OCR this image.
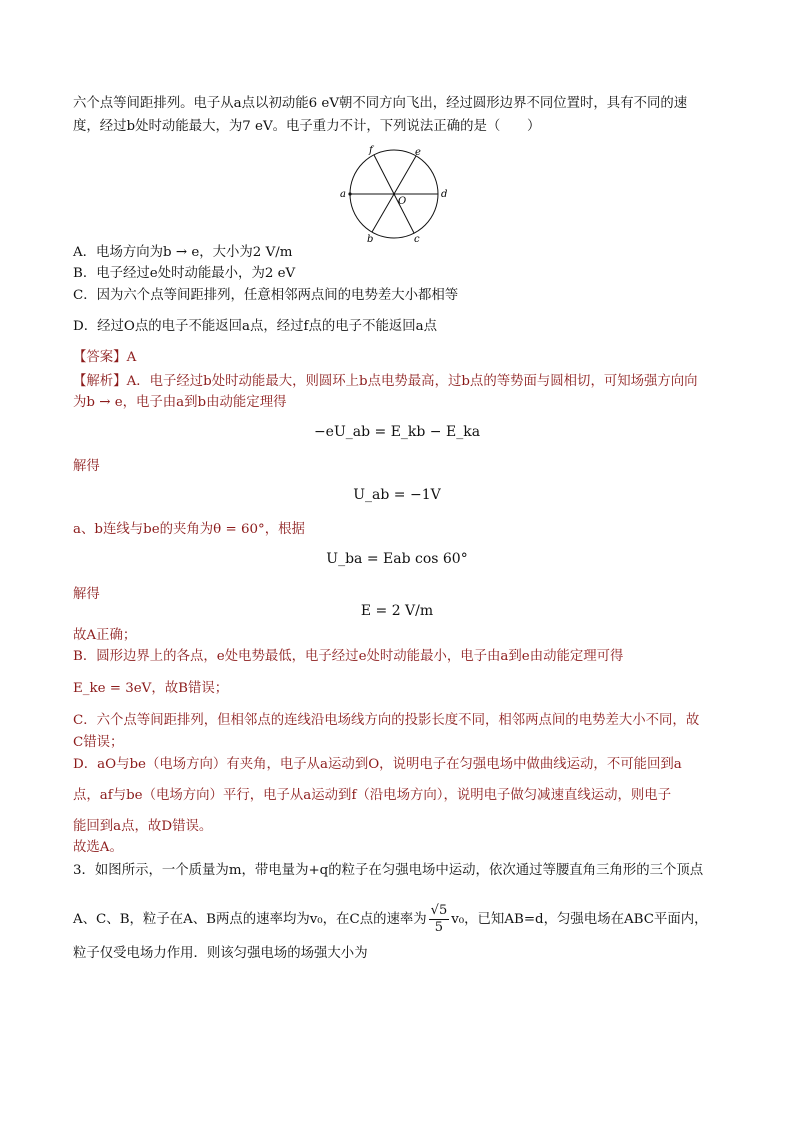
六个点等间距排列。电子从a点以初动能6 eV朝不同方向飞出，经过圆形边界不同位置时，具有不同的速
度，经过b处时动能最大，为7 eV。电子重力不计，下列说法正确的是（　　）
a	d
f	e
b	c
O
A．电场方向为b → e，大小为2 V/m
B．电子经过e处时动能最小，为2 eV
C．因为六个点等间距排列，任意相邻两点间的电势差大小都相等
D．经过O点的电子不能返回a点，经过f点的电子不能返回a点
【答案】A
【解析】A．电子经过b处时动能最大，则圆环上b点电势最高，过b点的等势面与圆相切，可知场强方向向
为b → e，电子由a到b由动能定理得
−eU_ab = E_kb − E_ka
解得
U_ab = −1V
a、b连线与be的夹角为θ = 60°，根据
U_ba = Eab cos 60°
解得
E = 2 V/m
故A正确；
B．圆形边界上的各点，e处电势最低，电子经过e处时动能最小，电子由a到e由动能定理可得
E_ke = 3eV，故B错误；
C．六个点等间距排列，但相邻点的连线沿电场线方向的投影长度不同，相邻两点间的电势差大小不同，故
C错误；
D．aO与be（电场方向）有夹角，电子从a运动到O，说明电子在匀强电场中做曲线运动，不可能回到a
点，af与be（电场方向）平行，电子从a运动到f（沿电场方向），说明电子做匀减速直线运动，则电子
能回到a点，故D错误。
故选A。
3．如图所示，一个质量为m，带电量为+q的粒子在匀强电场中运动，依次通过等腰直角三角形的三个顶点
A、C、B，粒子在A、B两点的速率均为v₀，在C点的速率为 $\frac{√5}{5} v_0$，已知AB=d，匀强电场在ABC平面内，
粒子仅受电场力作用．则该匀强电场的场强大小为
